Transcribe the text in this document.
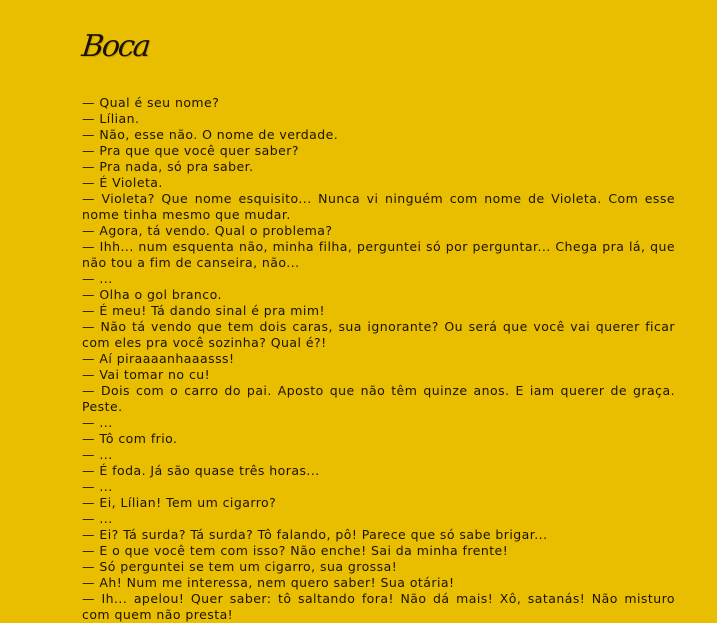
Boca

— Qual é seu nome?

— Lílian.

— Não, esse não. O nome de verdade.

— Pra que que você quer saber?

— Pra nada, só pra saber.

— É Violeta.

— Violeta? Que nome esquisito... Nunca vi ninguém com nome de Violeta. Com esse nome tinha mesmo que mudar.

— Agora, tá vendo. Qual o problema?

— Ihh... num esquenta não, minha filha, perguntei só por perguntar... Chega pra lá, que não tou a fim de canseira, não...

— ...

— Olha o gol branco.

— É meu! Tá dando sinal é pra mim!

— Não tá vendo que tem dois caras, sua ignorante? Ou será que você vai querer ficar com eles pra você sozinha? Qual é?!

— Aí piraaaanhaaasss!

— Vai tomar no cu!

— Dois com o carro do pai. Aposto que não têm quinze anos. E iam querer de graça. Peste.

— ...

— Tô com frio.

— ...

— É foda. Já são quase três horas...

— ...

— Ei, Lílian! Tem um cigarro?

— ...

— Ei? Tá surda? Tá surda? Tô falando, pô! Parece que só sabe brigar...

— E o que você tem com isso? Não enche! Sai da minha frente!

— Só perguntei se tem um cigarro, sua grossa!

— Ah! Num me interessa, nem quero saber! Sua otária!

— Ih... apelou! Quer saber: tô saltando fora! Não dá mais! Xô, satanás! Não misturo com quem não presta!
